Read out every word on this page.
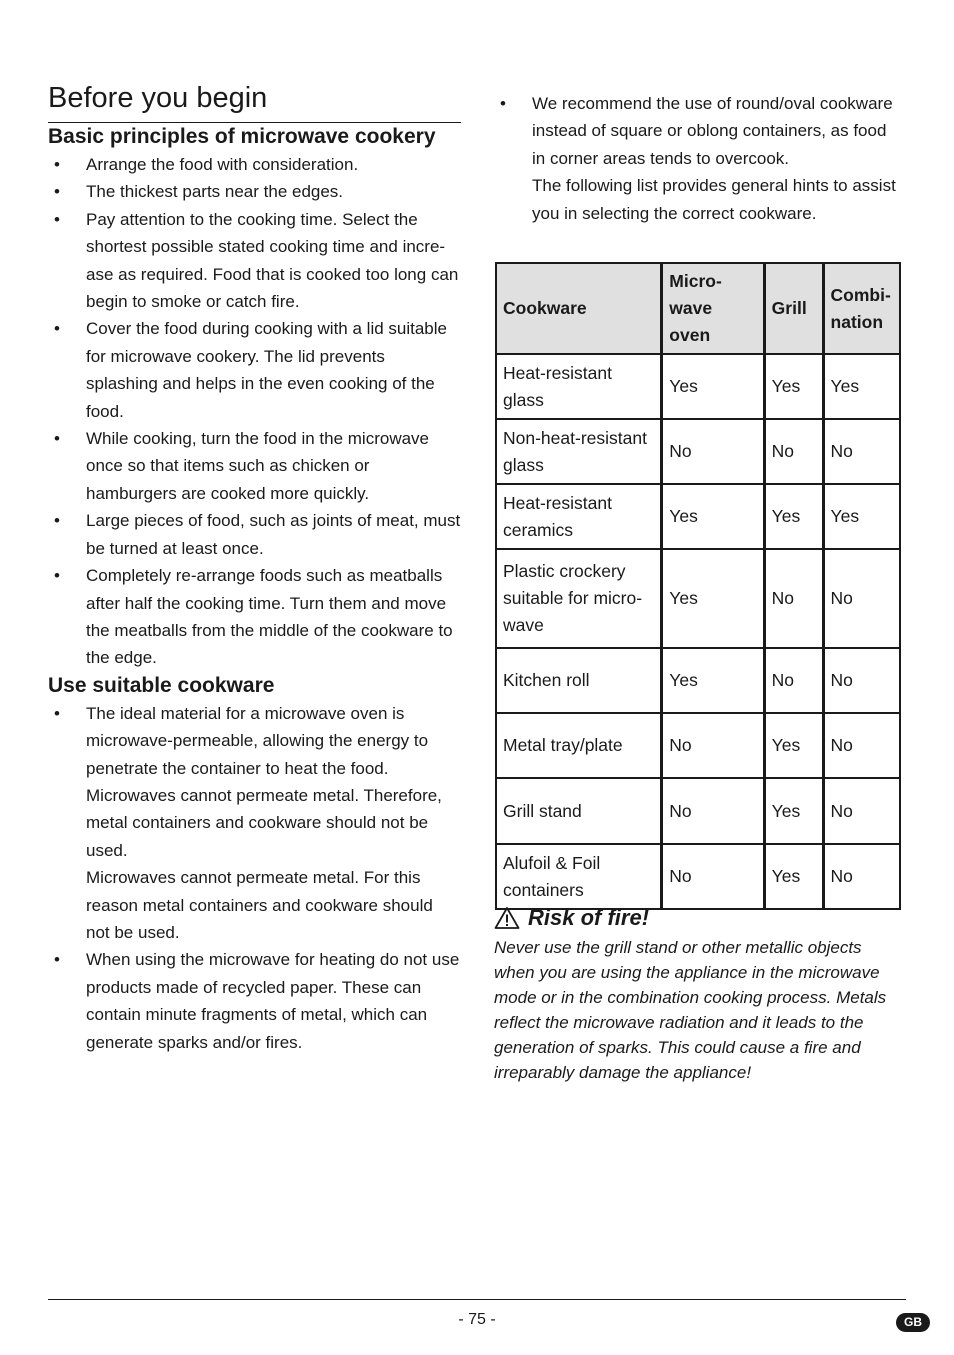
Before you begin
Basic principles of microwave cookery
• Arrange the food with consideration.
• The thickest parts near the edges.
• Pay attention to the cooking time. Select the shortest possible stated cooking time and incre-ase as required. Food that is cooked too long can begin to smoke or catch fire.
• Cover the food during cooking with a lid suitable for microwave cookery. The lid prevents splashing and helps in the even cooking of the food.
• While cooking, turn the food in the microwave once so that items such as chicken or hamburgers are cooked more quickly.
• Large pieces of food, such as joints of meat, must be turned at least once.
• Completely re-arrange foods such as meatballs after half the cooking time. Turn them and move the meatballs from the middle of the cookware to the edge.
Use suitable cookware

• The ideal material for a microwave oven is microwave-permeable, allowing the energy to penetrate the container to heat the food.

Microwaves cannot permeate metal. Therefore, metal containers and cookware should not be used.

Microwaves cannot permeate metal. For this reason metal containers and cookware should not be used.

• When using the microwave for heating do not use products made of recycled paper. These can contain minute fragments of metal, which can generate sparks and/or fires.

• We recommend the use of round/oval cookware instead of square or oblong containers, as food in corner areas tends to overcook.

The following list provides general hints to assist you in selecting the correct cookware.

Cookware	Micro-wave oven	Grill	Combi-nation
Heat-resistant glass	Yes	Yes	Yes
Non-heat-resistant glass	No	No	No
Heat-resistant ceramics	Yes	Yes	Yes
Plastic crockery suitable for micro-wave	Yes	No	No
Kitchen roll	Yes	No	No
Metal tray/plate	No	Yes	No
Grill stand	No	Yes	No
Alufoil & Foil containers	No	Yes	No
Risk of fire!

Never use the grill stand or other metallic objects when you are using the appliance in the microwave mode or in the combination cooking process. Metals reflect the microwave radiation and it leads to the generation of sparks. This could cause a fire and irreparably damage the appliance!

- 75 -	GB
